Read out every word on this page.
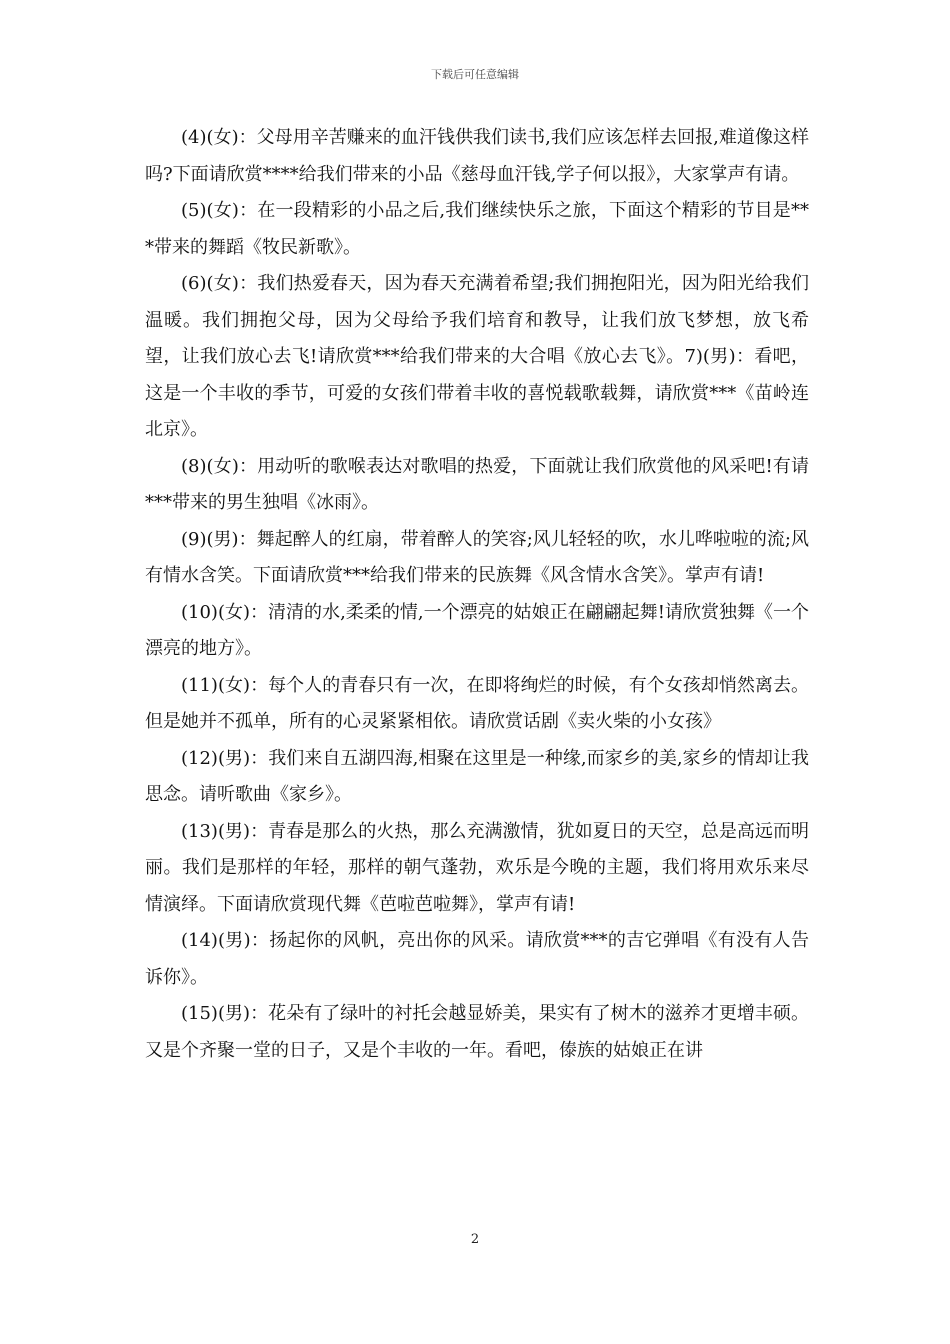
下载后可任意编辑

(4)(女)：父母用辛苦赚来的血汗钱供我们读书,我们应该怎样去回报,难道像这样吗?下面请欣赏****给我们带来的小品《慈母血汗钱,学子何以报》，大家掌声有请。

(5)(女)：在一段精彩的小品之后,我们继续快乐之旅，下面这个精彩的节目是***带来的舞蹈《牧民新歌》。

(6)(女)：我们热爱春天，因为春天充满着希望;我们拥抱阳光，因为阳光给我们温暖。我们拥抱父母，因为父母给予我们培育和教导，让我们放飞梦想，放飞希望，让我们放心去飞!请欣赏***给我们带来的大合唱《放心去飞》。7)(男)：看吧，这是一个丰收的季节，可爱的女孩们带着丰收的喜悦载歌载舞，请欣赏***《苗岭连北京》。

(8)(女)：用动听的歌喉表达对歌唱的热爱，下面就让我们欣赏他的风采吧!有请***带来的男生独唱《冰雨》。

(9)(男)：舞起醉人的红扇，带着醉人的笑容;风儿轻轻的吹，水儿哗啦啦的流;风有情水含笑。下面请欣赏***给我们带来的民族舞《风含情水含笑》。掌声有请!

(10)(女)：清清的水,柔柔的情,一个漂亮的姑娘正在翩翩起舞!请欣赏独舞《一个漂亮的地方》。

(11)(女)：每个人的青春只有一次，在即将绚烂的时候，有个女孩却悄然离去。但是她并不孤单，所有的心灵紧紧相依。请欣赏话剧《卖火柴的小女孩》

(12)(男)：我们来自五湖四海,相聚在这里是一种缘,而家乡的美,家乡的情却让我思念。请听歌曲《家乡》。

(13)(男)：青春是那么的火热，那么充满激情，犹如夏日的天空，总是高远而明丽。我们是那样的年轻，那样的朝气蓬勃，欢乐是今晚的主题，我们将用欢乐来尽情演绎。下面请欣赏现代舞《芭啦芭啦舞》，掌声有请!

(14)(男)：扬起你的风帆，亮出你的风采。请欣赏***的吉它弹唱《有没有人告诉你》。

(15)(男)：花朵有了绿叶的衬托会越显娇美，果实有了树木的滋养才更增丰硕。又是个齐聚一堂的日子，又是个丰收的一年。看吧，傣族的姑娘正在讲

2
